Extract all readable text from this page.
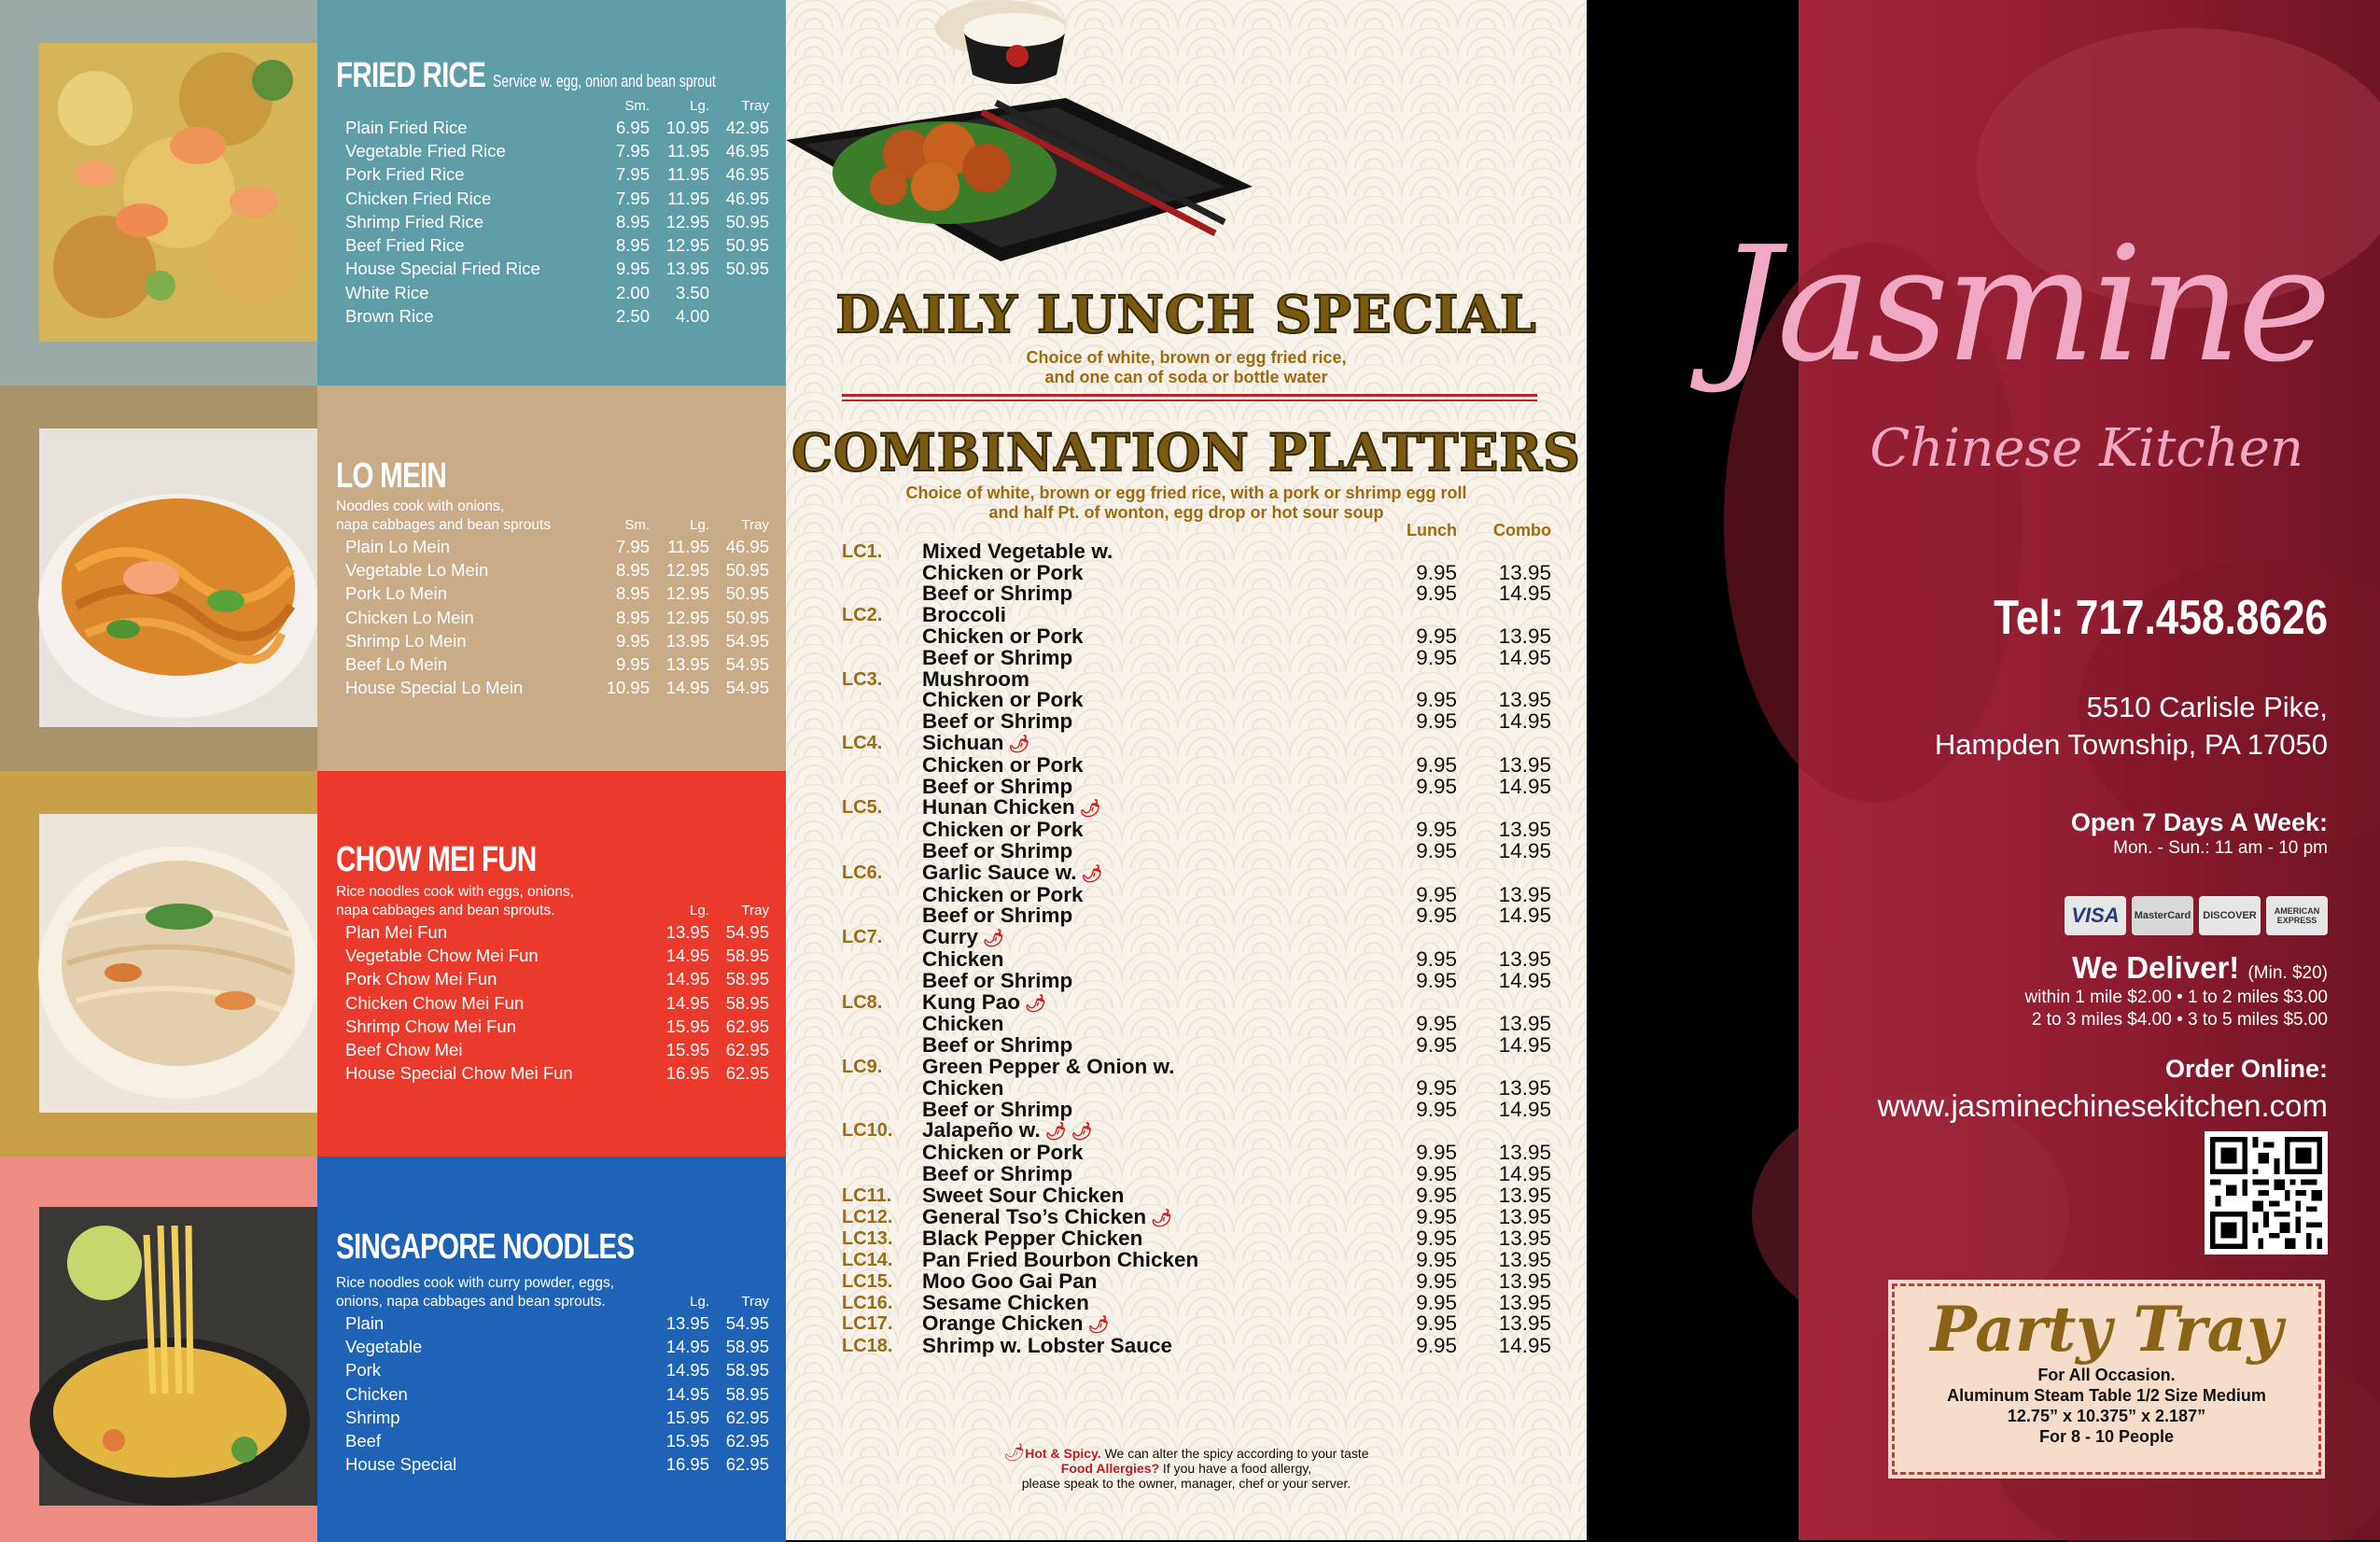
FRIED RICE Service w. egg, onion and bean sprout
	Sm.	Lg.	Tray
Plain Fried Rice	6.95	10.95	42.95
Vegetable Fried Rice	7.95	11.95	46.95
Pork Fried Rice	7.95	11.95	46.95
Chicken Fried Rice	7.95	11.95	46.95
Shrimp Fried Rice	8.95	12.95	50.95
Beef Fried Rice	8.95	12.95	50.95
House Special Fried Rice	9.95	13.95	50.95
White Rice	2.00	3.50	
Brown Rice	2.50	4.00	
LO MEIN
Noodles cook with onions,
napa cabbages and bean sprouts
		Sm.	Lg.	Tray
Plain Lo Mein	7.95	11.95	46.95
Vegetable Lo Mein	8.95	12.95	50.95
Pork Lo Mein	8.95	12.95	50.95
Chicken Lo Mein	8.95	12.95	50.95
Shrimp Lo Mein	9.95	13.95	54.95
Beef Lo Mein	9.95	13.95	54.95
House Special Lo Mein	10.95	14.95	54.95
CHOW MEI FUN
Rice noodles cook with eggs, onions,
napa cabbages and bean sprouts.
			Lg.	Tray
Plan Mei Fun		13.95	54.95
Vegetable Chow Mei Fun		14.95	58.95
Pork Chow Mei Fun		14.95	58.95
Chicken Chow Mei Fun		14.95	58.95
Shrimp Chow Mei Fun		15.95	62.95
Beef Chow Mei		15.95	62.95
House Special Chow Mei Fun		16.95	62.95
SINGAPORE NOODLES
Rice noodles cook with curry powder, eggs,
onions, napa cabbages and bean sprouts.
			Lg.	Tray
Plain		13.95	54.95
Vegetable		14.95	58.95
Pork		14.95	58.95
Chicken		14.95	58.95
Shrimp		15.95	62.95
Beef		15.95	62.95
House Special		16.95	62.95
DAILY LUNCH SPECIAL
Choice of white, brown or egg fried rice,
and one can of soda or bottle water
COMBINATION PLATTERS
Choice of white, brown or egg fried rice, with a pork or shrimp egg roll
and half Pt. of wonton, egg drop or hot sour soup
		Lunch	Combo
LC1.	Mixed Vegetable w.		
	Chicken or Pork	9.95	13.95
	Beef or Shrimp	9.95	14.95
LC2.	Broccoli		
	Chicken or Pork	9.95	13.95
	Beef or Shrimp	9.95	14.95
LC3.	Mushroom		
	Chicken or Pork	9.95	13.95
	Beef or Shrimp	9.95	14.95
LC4.	Sichuan 🌶		
	Chicken or Pork	9.95	13.95
	Beef or Shrimp	9.95	14.95
LC5.	Hunan Chicken 🌶		
	Chicken or Pork	9.95	13.95
	Beef or Shrimp	9.95	14.95
LC6.	Garlic Sauce w. 🌶		
	Chicken or Pork	9.95	13.95
	Beef or Shrimp	9.95	14.95
LC7.	Curry 🌶		
	Chicken	9.95	13.95
	Beef or Shrimp	9.95	14.95
LC8.	Kung Pao 🌶		
	Chicken	9.95	13.95
	Beef or Shrimp	9.95	14.95
LC9.	Green Pepper & Onion w.		
	Chicken	9.95	13.95
	Beef or Shrimp	9.95	14.95
LC10.	Jalapeño w. 🌶 🌶		
	Chicken or Pork	9.95	13.95
	Beef or Shrimp	9.95	14.95
LC11.	Sweet Sour Chicken	9.95	13.95
LC12.	General Tso’s Chicken 🌶	9.95	13.95
LC13.	Black Pepper Chicken	9.95	13.95
LC14.	Pan Fried Bourbon Chicken	9.95	13.95
LC15.	Moo Goo Gai Pan	9.95	13.95
LC16.	Sesame Chicken	9.95	13.95
LC17.	Orange Chicken 🌶	9.95	13.95
LC18.	Shrimp w. Lobster Sauce	9.95	14.95
🌶Hot & Spicy. We can alter the spicy according to your taste
Food Allergies? If you have a food allergy,
please speak to the owner, manager, chef or your server.
Jasmine
Chinese Kitchen
Tel: 717.458.8626
5510 Carlisle Pike,
Hampden Township, PA 17050
Open 7 Days A Week:
Mon. - Sun.: 11 am - 10 pm
VISA	MasterCard	DISCOVER	AMERICAN EXPRESS
We Deliver! (Min. $20)
within 1 mile $2.00 • 1 to 2 miles $3.00
2 to 3 miles $4.00 • 3 to 5 miles $5.00
Order Online:
www.jasminechinesekitchen.com
Party Tray
For All Occasion.
Aluminum Steam Table 1/2 Size Medium
12.75” x 10.375” x 2.187”
For 8 - 10 People
